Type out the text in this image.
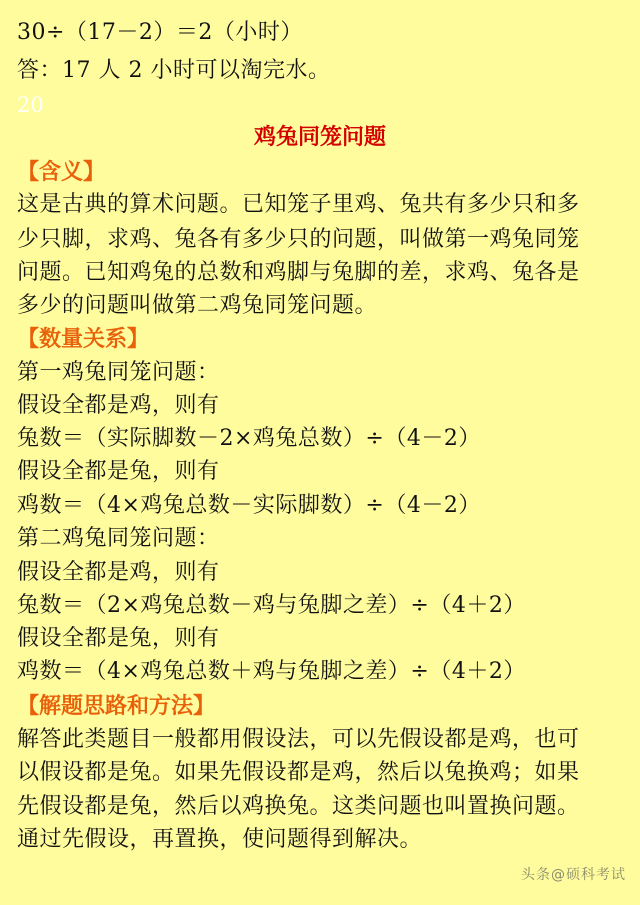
30÷（17－2）＝2（小时）
答：17 人 2 小时可以淘完水。
20
鸡兔同笼问题
【含义】
这是古典的算术问题。已知笼子里鸡、兔共有多少只和多
少只脚，求鸡、兔各有多少只的问题，叫做第一鸡兔同笼
问题。已知鸡兔的总数和鸡脚与兔脚的差，求鸡、兔各是
多少的问题叫做第二鸡兔同笼问题。
【数量关系】
第一鸡兔同笼问题：
假设全都是鸡，则有
兔数＝（实际脚数－2×鸡兔总数）÷（4－2）
假设全都是兔，则有
鸡数＝（4×鸡兔总数－实际脚数）÷（4－2）
第二鸡兔同笼问题：
假设全都是鸡，则有
兔数＝（2×鸡兔总数－鸡与兔脚之差）÷（4＋2）
假设全都是兔，则有
鸡数＝（4×鸡兔总数＋鸡与兔脚之差）÷（4＋2）
【解题思路和方法】
解答此类题目一般都用假设法，可以先假设都是鸡，也可
以假设都是兔。如果先假设都是鸡，然后以兔换鸡；如果
先假设都是兔，然后以鸡换兔。这类问题也叫置换问题。
通过先假设，再置换，使问题得到解决。
头条@硕科考试
